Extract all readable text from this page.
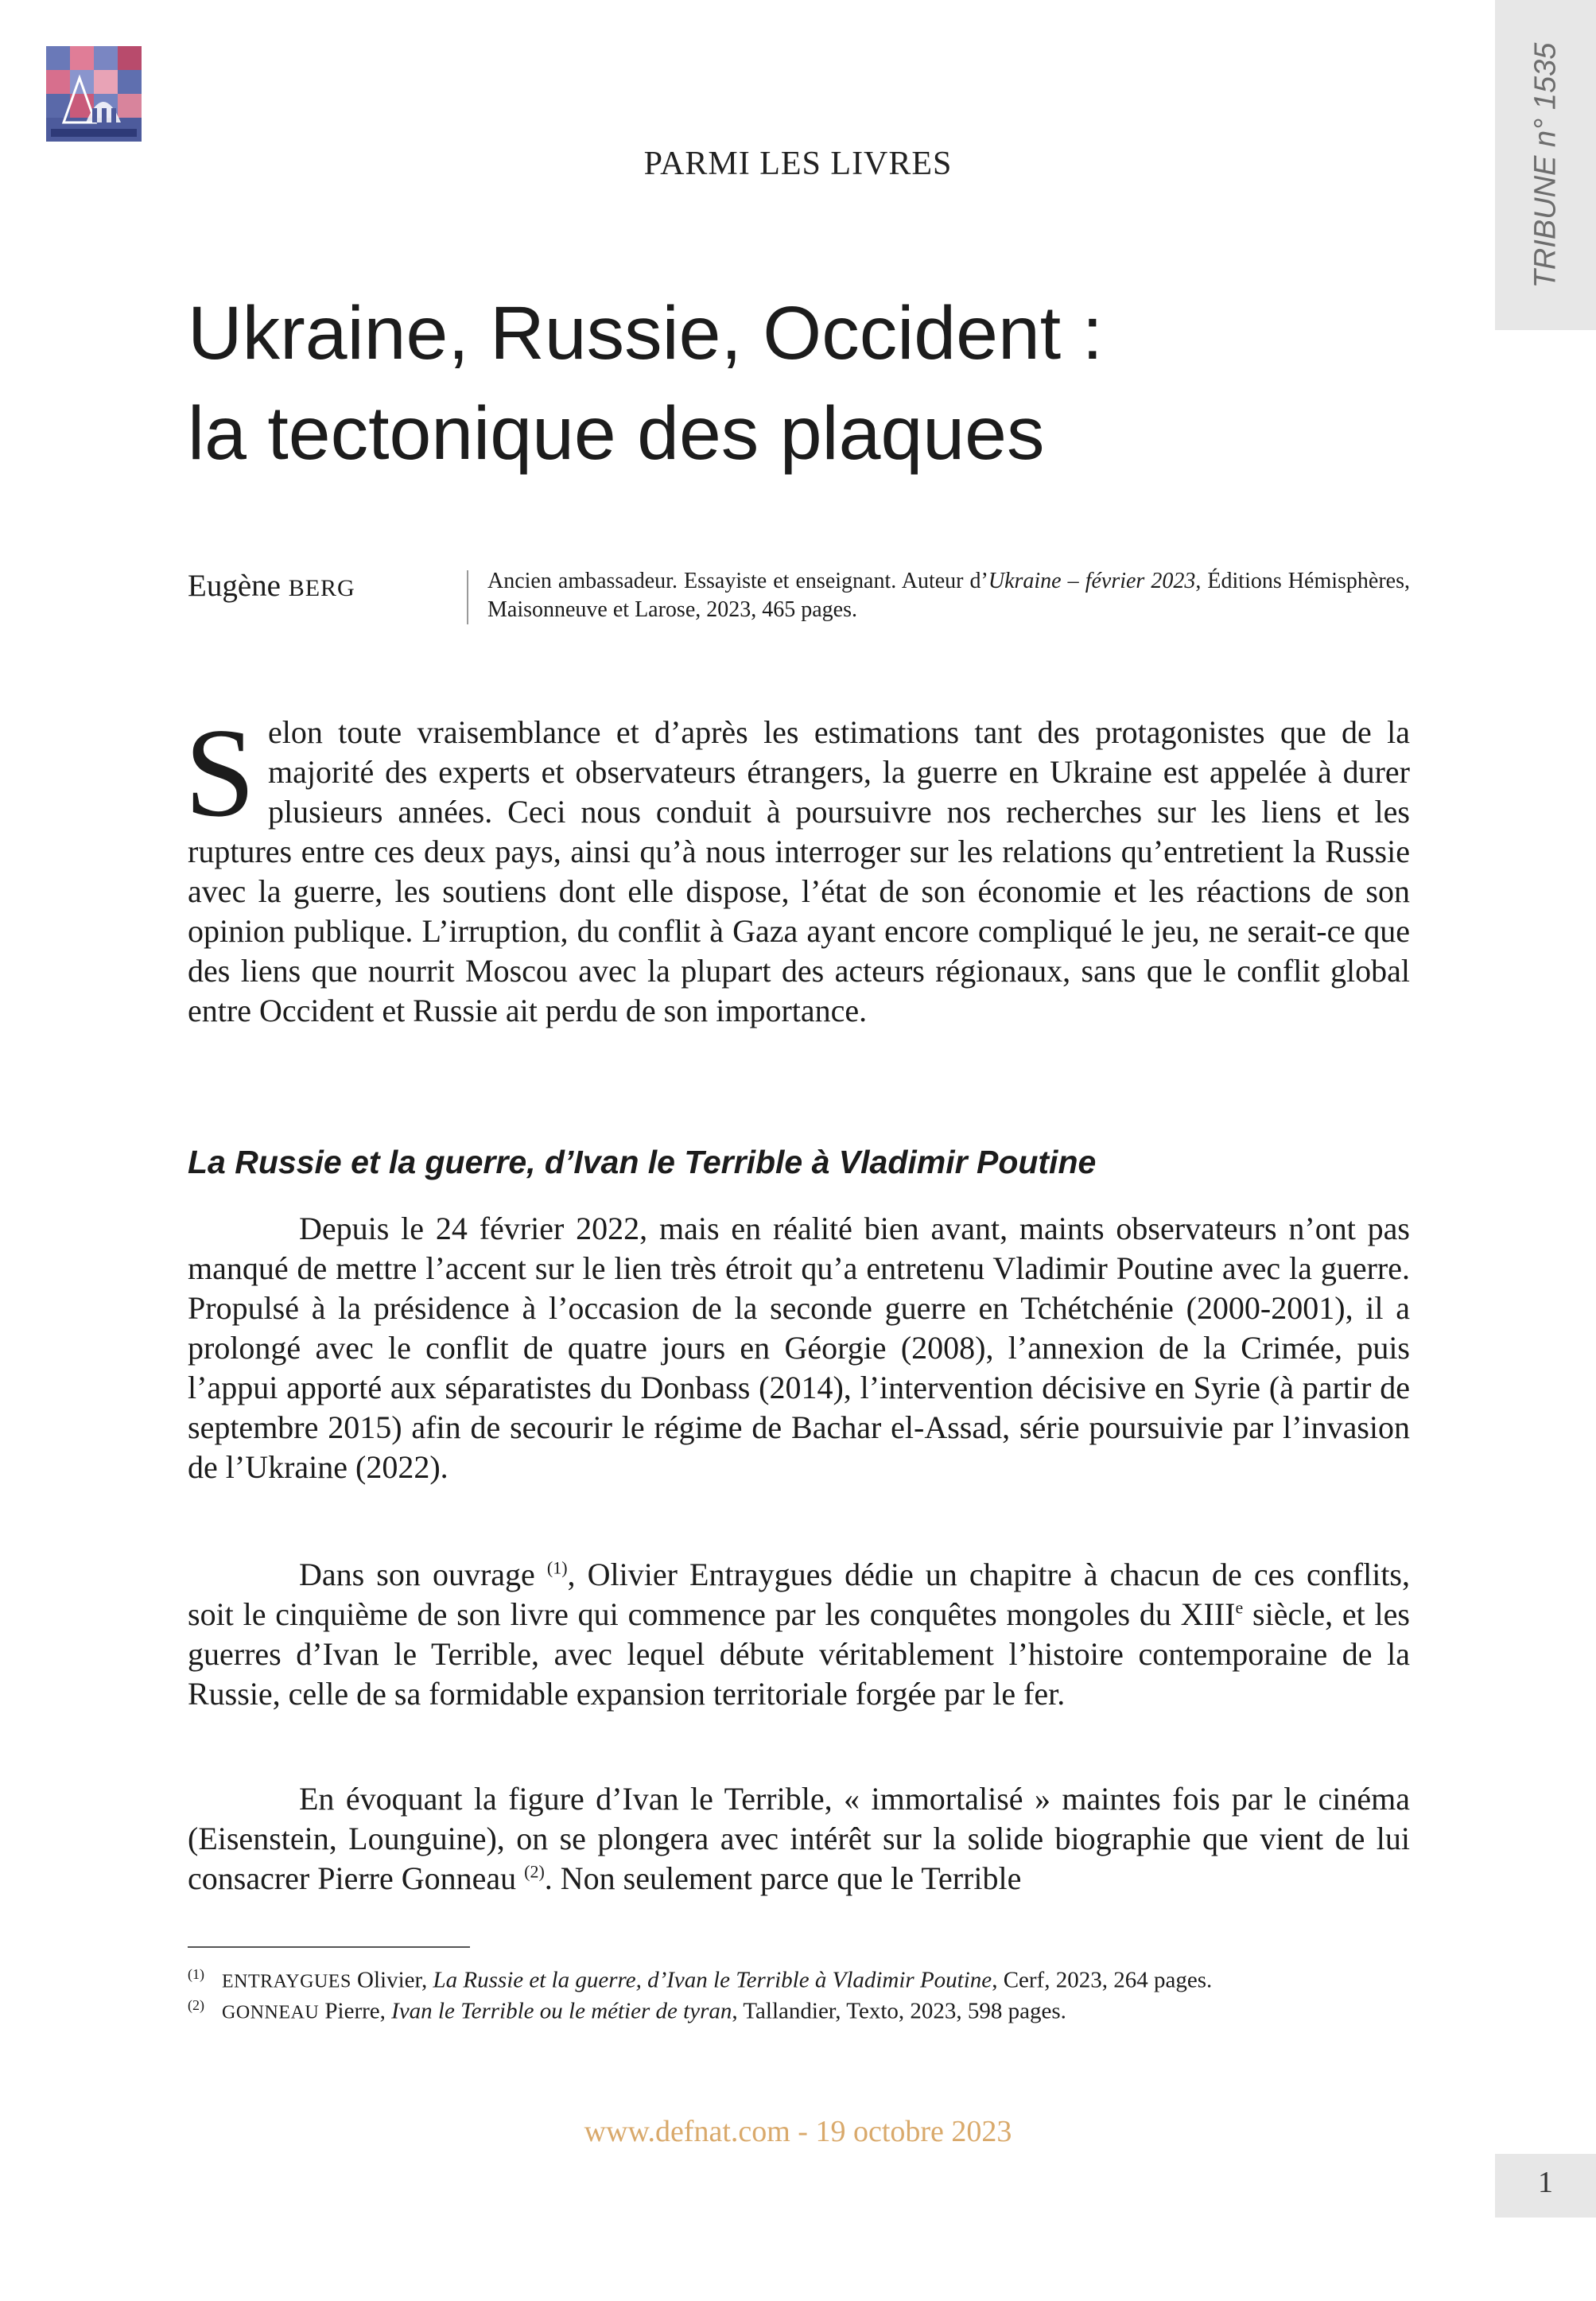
TRIBUNE n° 1535
PARMI LES LIVRES
Ukraine, Russie, Occident :
la tectonique des plaques
Eugène BERG	Ancien ambassadeur. Essayiste et enseignant. Auteur d’Ukraine – février 2023, Éditions Hémisphères, Maisonneuve et Larose, 2023, 465 pages.
Selon toute vraisemblance et d’après les estimations tant des protagonistes que de la majorité des experts et observateurs étrangers, la guerre en Ukraine est appelée à durer plusieurs années. Ceci nous conduit à poursuivre nos recherches sur les liens et les ruptures entre ces deux pays, ainsi qu’à nous interroger sur les relations qu’entretient la Russie avec la guerre, les soutiens dont elle dispose, l’état de son économie et les réactions de son opinion publique. L’irruption, du conflit à Gaza ayant encore compliqué le jeu, ne serait-ce que des liens que nourrit Moscou avec la plupart des acteurs régionaux, sans que le conflit global entre Occident et Russie ait perdu de son importance.
La Russie et la guerre, d’Ivan le Terrible à Vladimir Poutine

Depuis le 24 février 2022, mais en réalité bien avant, maints observateurs n’ont pas manqué de mettre l’accent sur le lien très étroit qu’a entretenu Vladimir Poutine avec la guerre. Propulsé à la présidence à l’occasion de la seconde guerre en Tchétchénie (2000-2001), il a prolongé avec le conflit de quatre jours en Géorgie (2008), l’annexion de la Crimée, puis l’appui apporté aux séparatistes du Donbass (2014), l’intervention décisive en Syrie (à partir de septembre 2015) afin de secourir le régime de Bachar el-Assad, série poursuivie par l’invasion de l’Ukraine (2022).

Dans son ouvrage $^{(1)}$, Olivier Entraygues dédie un chapitre à chacun de ces conflits, soit le cinquième de son livre qui commence par les conquêtes mongoles du XIIIe siècle, et les guerres d’Ivan le Terrible, avec lequel débute véritablement l’histoire contemporaine de la Russie, celle de sa formidable expansion territoriale forgée par le fer.

En évoquant la figure d’Ivan le Terrible, « immortalisé » maintes fois par le cinéma (Eisenstein, Lounguine), on se plongera avec intérêt sur la solide biographie que vient de lui consacrer Pierre Gonneau $^{(2)}$. Non seulement parce que le Terrible

$^{(1)}$ ENTRAYGUES Olivier, La Russie et la guerre, d’Ivan le Terrible à Vladimir Poutine, Cerf, 2023, 264 pages.
$^{(2)}$ GONNEAU Pierre, Ivan le Terrible ou le métier de tyran, Tallandier, Texto, 2023, 598 pages.
www.defnat.com - 19 octobre 2023
1
